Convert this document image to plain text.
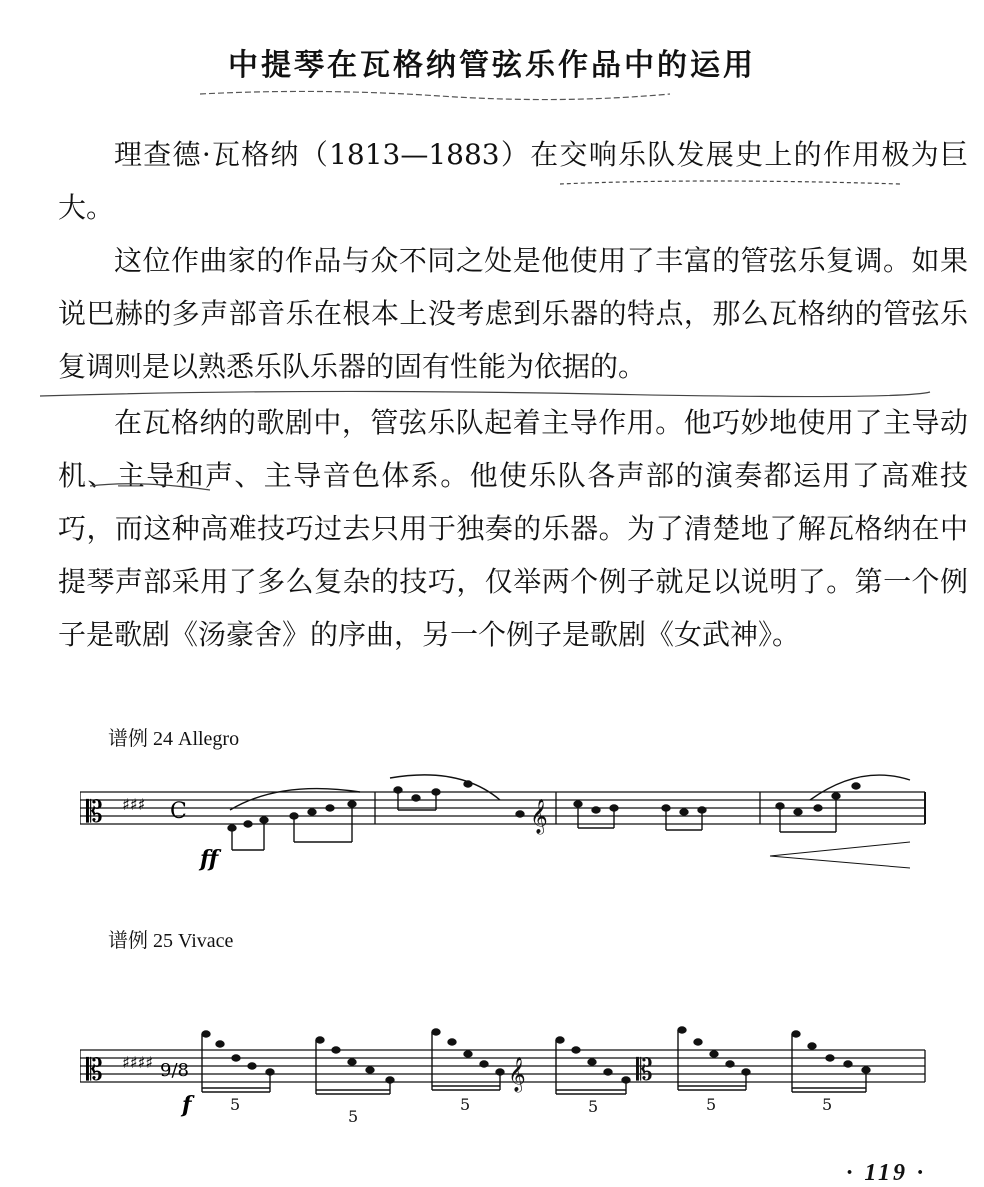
中提琴在瓦格纳管弦乐作品中的运用

理查德·瓦格纳（1813—1883）在交响乐队发展史上的作用极为巨大。

这位作曲家的作品与众不同之处是他使用了丰富的管弦乐复调。如果说巴赫的多声部音乐在根本上没考虑到乐器的特点，那么瓦格纳的管弦乐复调则是以熟悉乐队乐器的固有性能为依据的。

在瓦格纳的歌剧中，管弦乐队起着主导作用。他巧妙地使用了主导动机、主导和声、主导音色体系。他使乐队各声部的演奏都运用了高难技巧，而这种高难技巧过去只用于独奏的乐器。为了清楚地了解瓦格纳在中提琴声部采用了多么复杂的技巧，仅举两个例子就足以说明了。第一个例子是歌剧《汤豪舍》的序曲，另一个例子是歌剧《女武神》。

谱例 24 Allegro
𝄡 ♯♯♯ C
ff
𝄞
谱例 25 Vivace
𝄡 ♯♯♯♯ 9/8
f 5
5
5
𝄞
5
𝄡
5	5
· 119 ·
